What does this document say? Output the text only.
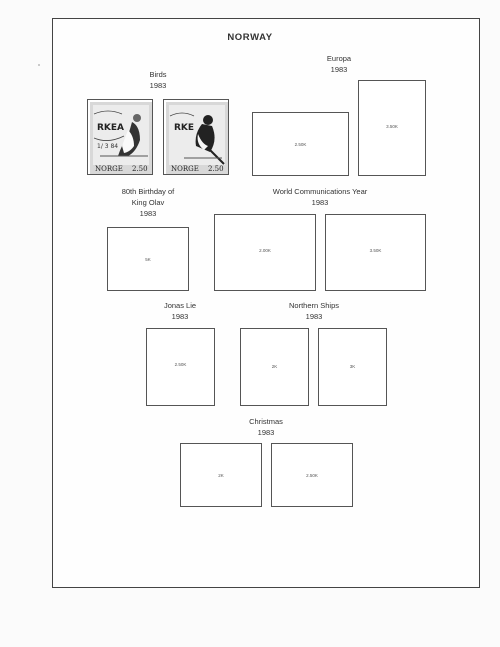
NORWAY
Birds
1983
RKEA
1/ 3 84
NORGE 2.50
RKE
NORGE 2.50
Europa
1983
2.50K
3.50K
80th Birthday of
King Olav
1983
5K
World Communications Year
1983
2.00K	3.50K
Jonas Lie
1983
2.50K
Northern Ships
1983
2K	3K
Christmas
1983
2K	2.50K
